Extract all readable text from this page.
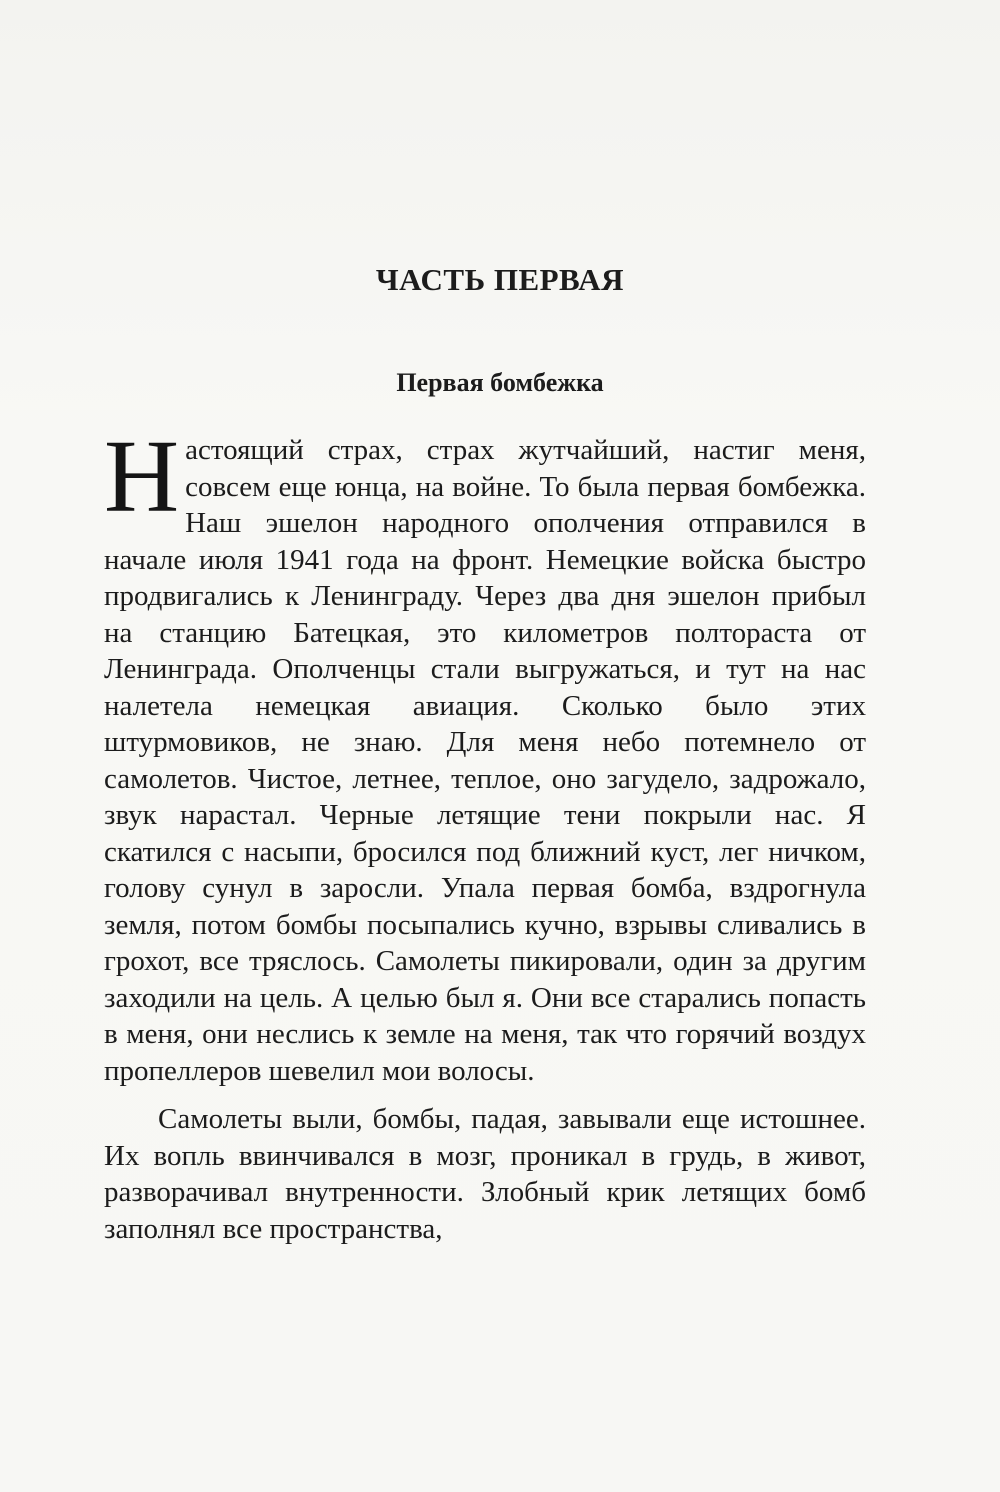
ЧАСТЬ ПЕРВАЯ
Первая бомбежка

Настоящий страх, страх жутчайший, настиг меня, совсем еще юнца, на войне. То была первая бомбежка. Наш эшелон народного ополчения отправился в начале июля 1941 года на фронт. Немецкие войска быстро продвигались к Ленинграду. Через два дня эшелон прибыл на станцию Батецкая, это километров полтораста от Ленинграда. Ополченцы стали выгружаться, и тут на нас налетела немецкая авиация. Сколько было этих штурмовиков, не знаю. Для меня небо потемнело от самолетов. Чистое, летнее, теплое, оно загудело, задрожало, звук нарастал. Черные летящие тени покрыли нас. Я скатился с насыпи, бросился под ближний куст, лег ничком, голову сунул в заросли. Упала первая бомба, вздрогнула земля, потом бомбы посыпались кучно, взрывы сливались в грохот, все тряслось. Самолеты пикировали, один за другим заходили на цель. А целью был я. Они все старались попасть в меня, они неслись к земле на меня, так что горячий воздух пропеллеров шевелил мои волосы.

Самолеты выли, бомбы, падая, завывали еще истошнее. Их вопль ввинчивался в мозг, проникал в грудь, в живот, разворачивал внутренности. Злобный крик летящих бомб заполнял все пространства,
